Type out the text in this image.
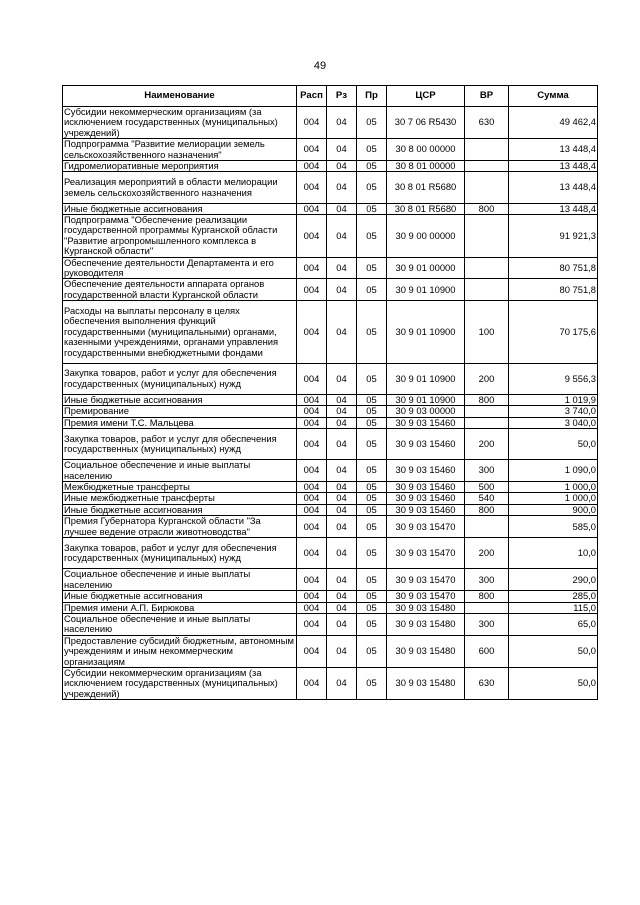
49
Наименование	Расп	Рз	Пр	ЦСР	ВР	Сумма
Субсидии некоммерческим организациям (за исключением государственных (муниципальных) учреждений)	004	04	05	30 7 06 R5430	630	49 462,4
Подпрограмма "Развитие мелиорации земель сельскохозяйственного назначения"	004	04	05	30 8 00 00000		13 448,4
Гидромелиоративные мероприятия	004	04	05	30 8 01 00000		13 448,4
Реализация мероприятий в области мелиорации земель сельскохозяйственного назначения	004	04	05	30 8 01 R5680		13 448,4
Иные бюджетные ассигнования	004	04	05	30 8 01 R5680	800	13 448,4
Подпрограмма "Обеспечение реализации государственной программы Курганской области "Развитие агропромышленного комплекса в Курганской области"	004	04	05	30 9 00 00000		91 921,3
Обеспечение деятельности Департамента и его руководителя	004	04	05	30 9 01 00000		80 751,8
Обеспечение деятельности аппарата органов государственной власти Курганской области	004	04	05	30 9 01 10900		80 751,8
Расходы на выплаты персоналу в целях обеспечения выполнения функций государственными (муниципальными) органами, казенными учреждениями, органами управления государственными внебюджетными фондами	004	04	05	30 9 01 10900	100	70 175,6
Закупка товаров, работ и услуг для обеспечения государственных (муниципальных) нужд	004	04	05	30 9 01 10900	200	9 556,3
Иные бюджетные ассигнования	004	04	05	30 9 01 10900	800	1 019,9
Премирование	004	04	05	30 9 03 00000		3 740,0
Премия имени Т.С. Мальцева	004	04	05	30 9 03 15460		3 040,0
Закупка товаров, работ и услуг для обеспечения государственных (муниципальных) нужд	004	04	05	30 9 03 15460	200	50,0
Социальное обеспечение и иные выплаты населению	004	04	05	30 9 03 15460	300	1 090,0
Межбюджетные трансферты	004	04	05	30 9 03 15460	500	1 000,0
Иные межбюджетные трансферты	004	04	05	30 9 03 15460	540	1 000,0
Иные бюджетные ассигнования	004	04	05	30 9 03 15460	800	900,0
Премия Губернатора Курганской области "За лучшее ведение отрасли животноводства"	004	04	05	30 9 03 15470		585,0
Закупка товаров, работ и услуг для обеспечения государственных (муниципальных) нужд	004	04	05	30 9 03 15470	200	10,0
Социальное обеспечение и иные выплаты населению	004	04	05	30 9 03 15470	300	290,0
Иные бюджетные ассигнования	004	04	05	30 9 03 15470	800	285,0
Премия имени А.П. Бирюкова	004	04	05	30 9 03 15480		115,0
Социальное обеспечение и иные выплаты населению	004	04	05	30 9 03 15480	300	65,0
Предоставление субсидий бюджетным, автономным учреждениям и иным некоммерческим организациям	004	04	05	30 9 03 15480	600	50,0
Субсидии некоммерческим организациям (за исключением государственных (муниципальных) учреждений)	004	04	05	30 9 03 15480	630	50,0
